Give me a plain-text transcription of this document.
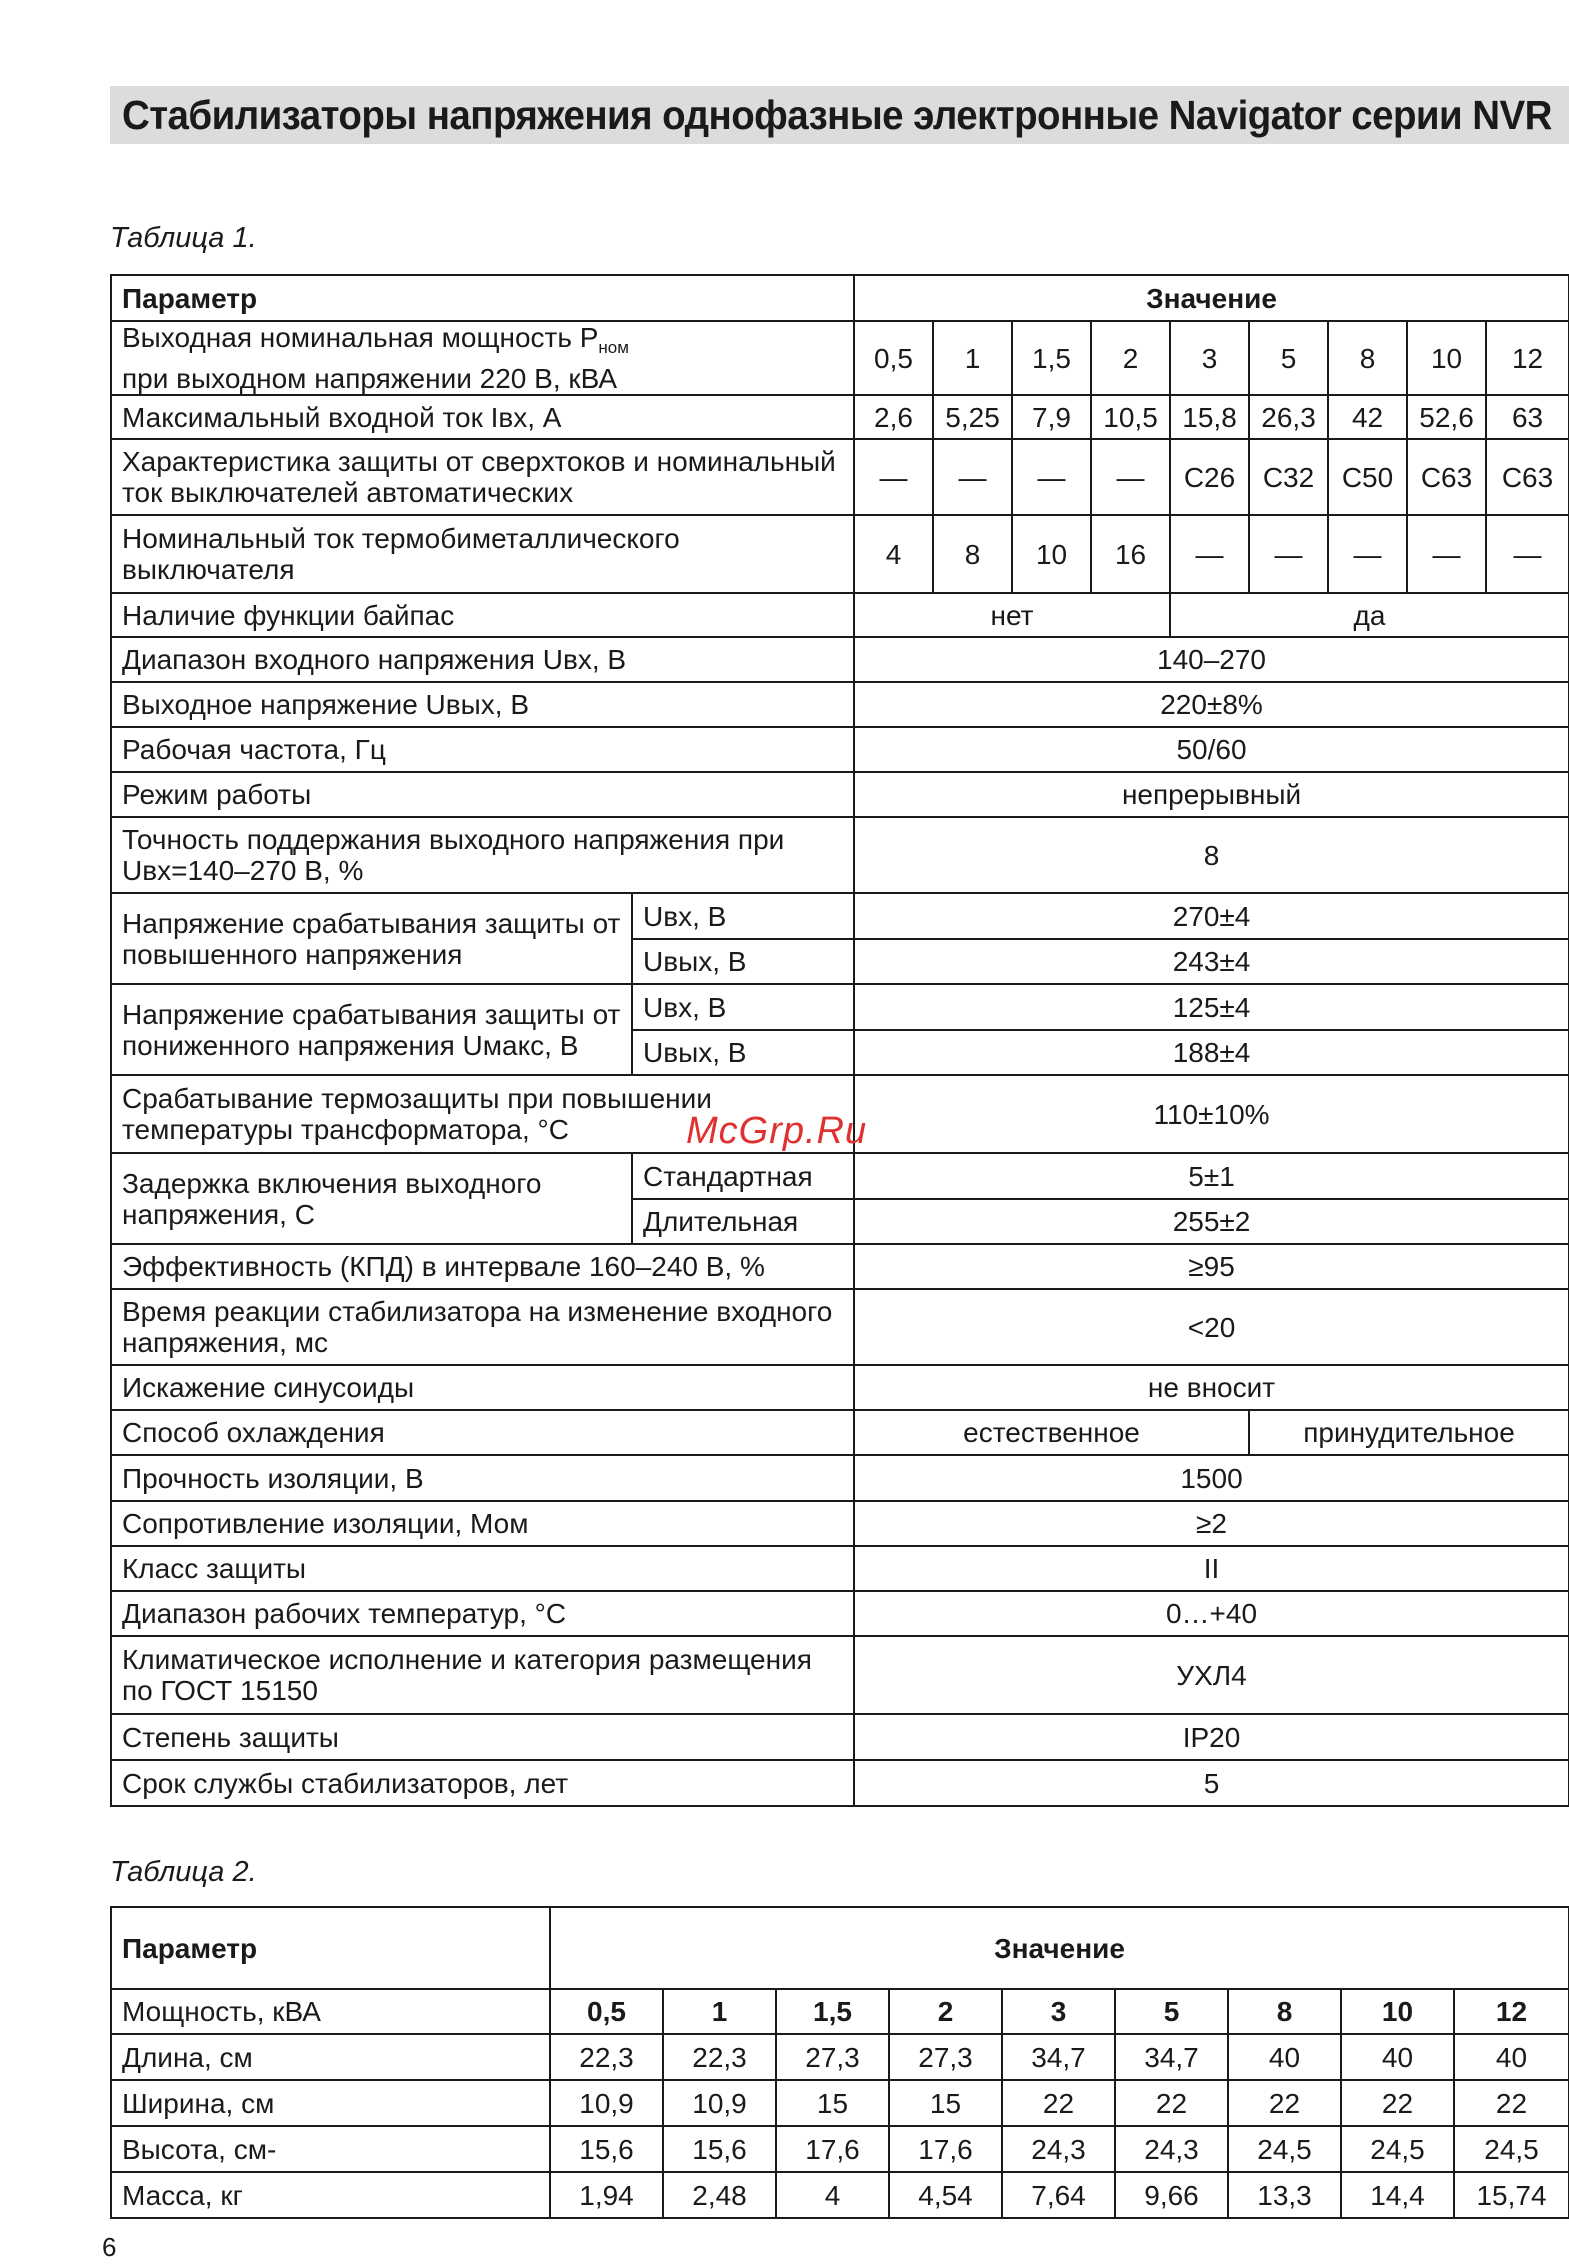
Стабилизаторы напряжения однофазные электронные Navigator серии NVR
Таблица 1.
Параметр		Значение								
Выходная номинальная мощность $P_{ном}$
при выходном напряжении 220 В, кВА		0,5	1	1,5	2	3	5	8	10	12
Максимальный входной ток Iвх, А		2,6	5,25	7,9	10,5	15,8	26,3	42	52,6	63
Характеристика защиты от сверхтоков и номинальный ток выключателей автоматических		—	—	—	—	C26	C32	C50	C63	C63
Номинальный ток термобиметаллического выключателя		4	8	10	16	—	—	—	—	—
Наличие функции байпас		нет				да				
Диапазон входного напряжения Uвх, В		140–270								
Выходное напряжение Uвых, В		220±8%								
Рабочая частота, Гц		50/60								
Режим работы		непрерывный								
Точность поддержания выходного напряжения при Uвх=140–270 В, %		8								
Напряжение срабатывания защиты от повышенного напряжения	Uвх, В	270±4								
	Uвых, В	243±4								
Напряжение срабатывания защиты от пониженного напряжения Uмакс, В	Uвх, В	125±4								
	Uвых, В	188±4								
Срабатывание термозащиты при повышении температуры трансформатора, °С		110±10%								
Задержка включения выходного напряжения, С	Стандартная	5±1								
	Длительная	255±2								
Эффективность (КПД) в интервале 160–240 В, %		≥95								
Время реакции стабилизатора на изменение входного напряжения, мс		<20								
Искажение синусоиды		не вносит								
Способ охлаждения		естественное					принудительное			
Прочность изоляции, В		1500								
Сопротивление изоляции, Мом		≥2								
Класс защиты		II								
Диапазон рабочих температур, °С		0…+40								
Климатическое исполнение и категория размещения по ГОСТ 15150		УХЛ4								
Степень защиты		IP20								
Срок службы стабилизаторов, лет		5								
Таблица 2.
Параметр	Значение								
Мощность, кВА	0,5	1	1,5	2	3	5	8	10	12
Длина, см	22,3	22,3	27,3	27,3	34,7	34,7	40	40	40
Ширина, см	10,9	10,9	15	15	22	22	22	22	22
Высота, см-	15,6	15,6	17,6	17,6	24,3	24,3	24,5	24,5	24,5
Масса, кг	1,94	2,48	4	4,54	7,64	9,66	13,3	14,4	15,74
McGrp.Ru
6
